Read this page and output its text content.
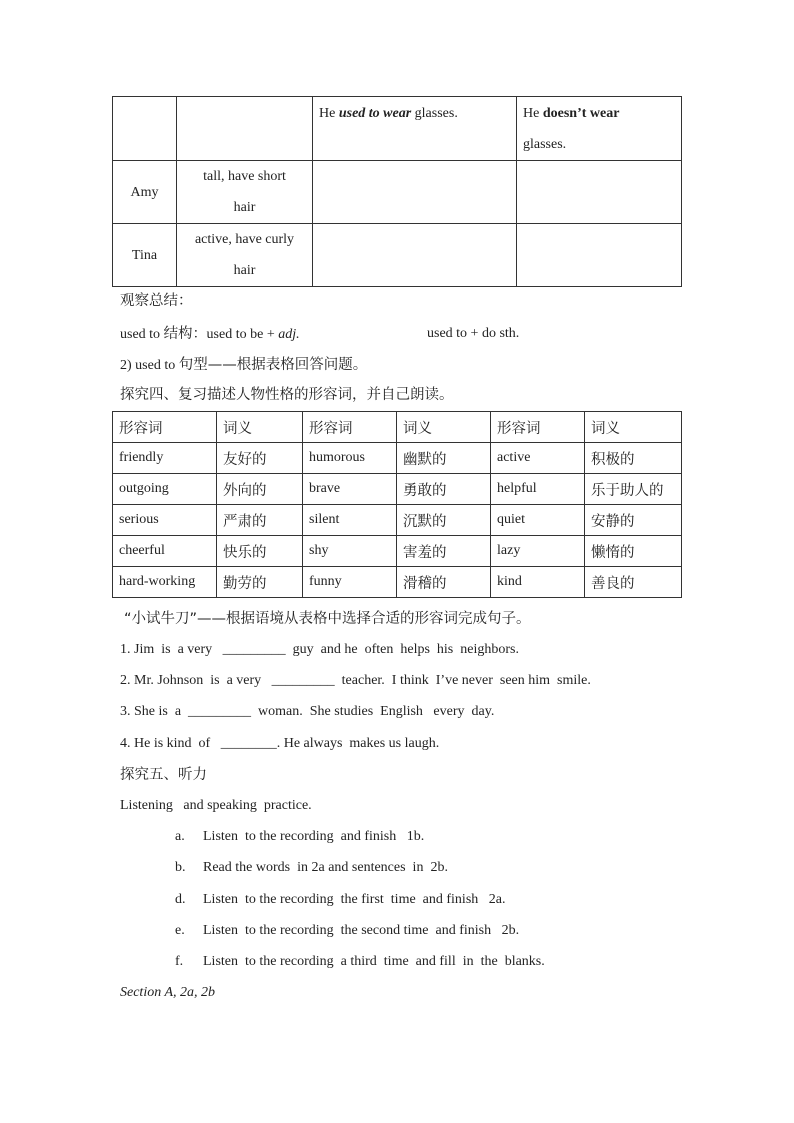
		He used to wear glasses.	He doesn’t wear
glasses.
Amy	tall, have short
hair		
Tina	active, have curly
hair		
观察总结：
used to 结构：used to be + adj.	used to + do sth.
2) used to 句型——根据表格回答问题。
探究四、复习描述人物性格的形容词，并自己朗读。
形容词	词义	形容词	词义	形容词	词义
friendly	友好的	humorous	幽默的	active	积极的
outgoing	外向的	brave	勇敢的	helpful	乐于助人的
serious	严肃的	silent	沉默的	quiet	安静的
cheerful	快乐的	shy	害羞的	lazy	懒惰的
hard-working	勤劳的	funny	滑稽的	kind	善良的
“小试牛刀”——根据语境从表格中选择合适的形容词完成句子。
1. Jim  is  a very   _________  guy  and he  often  helps  his  neighbors.
2. Mr. Johnson  is  a very   _________  teacher.  I think  I’ve never  seen him  smile.
3. She is  a  _________  woman.  She studies  English   every  day.
4. He is kind  of   ________. He always  makes us laugh.
探究五、听力
Listening   and speaking  practice.
a. Listen  to the recording  and finish   1b.
b. Read the words  in 2a and sentences  in  2b.
d. Listen  to the recording  the first  time  and finish   2a.
e. Listen  to the recording  the second time  and finish   2b.
f. Listen  to the recording  a third  time  and fill  in  the  blanks.
Section A, 2a, 2b
